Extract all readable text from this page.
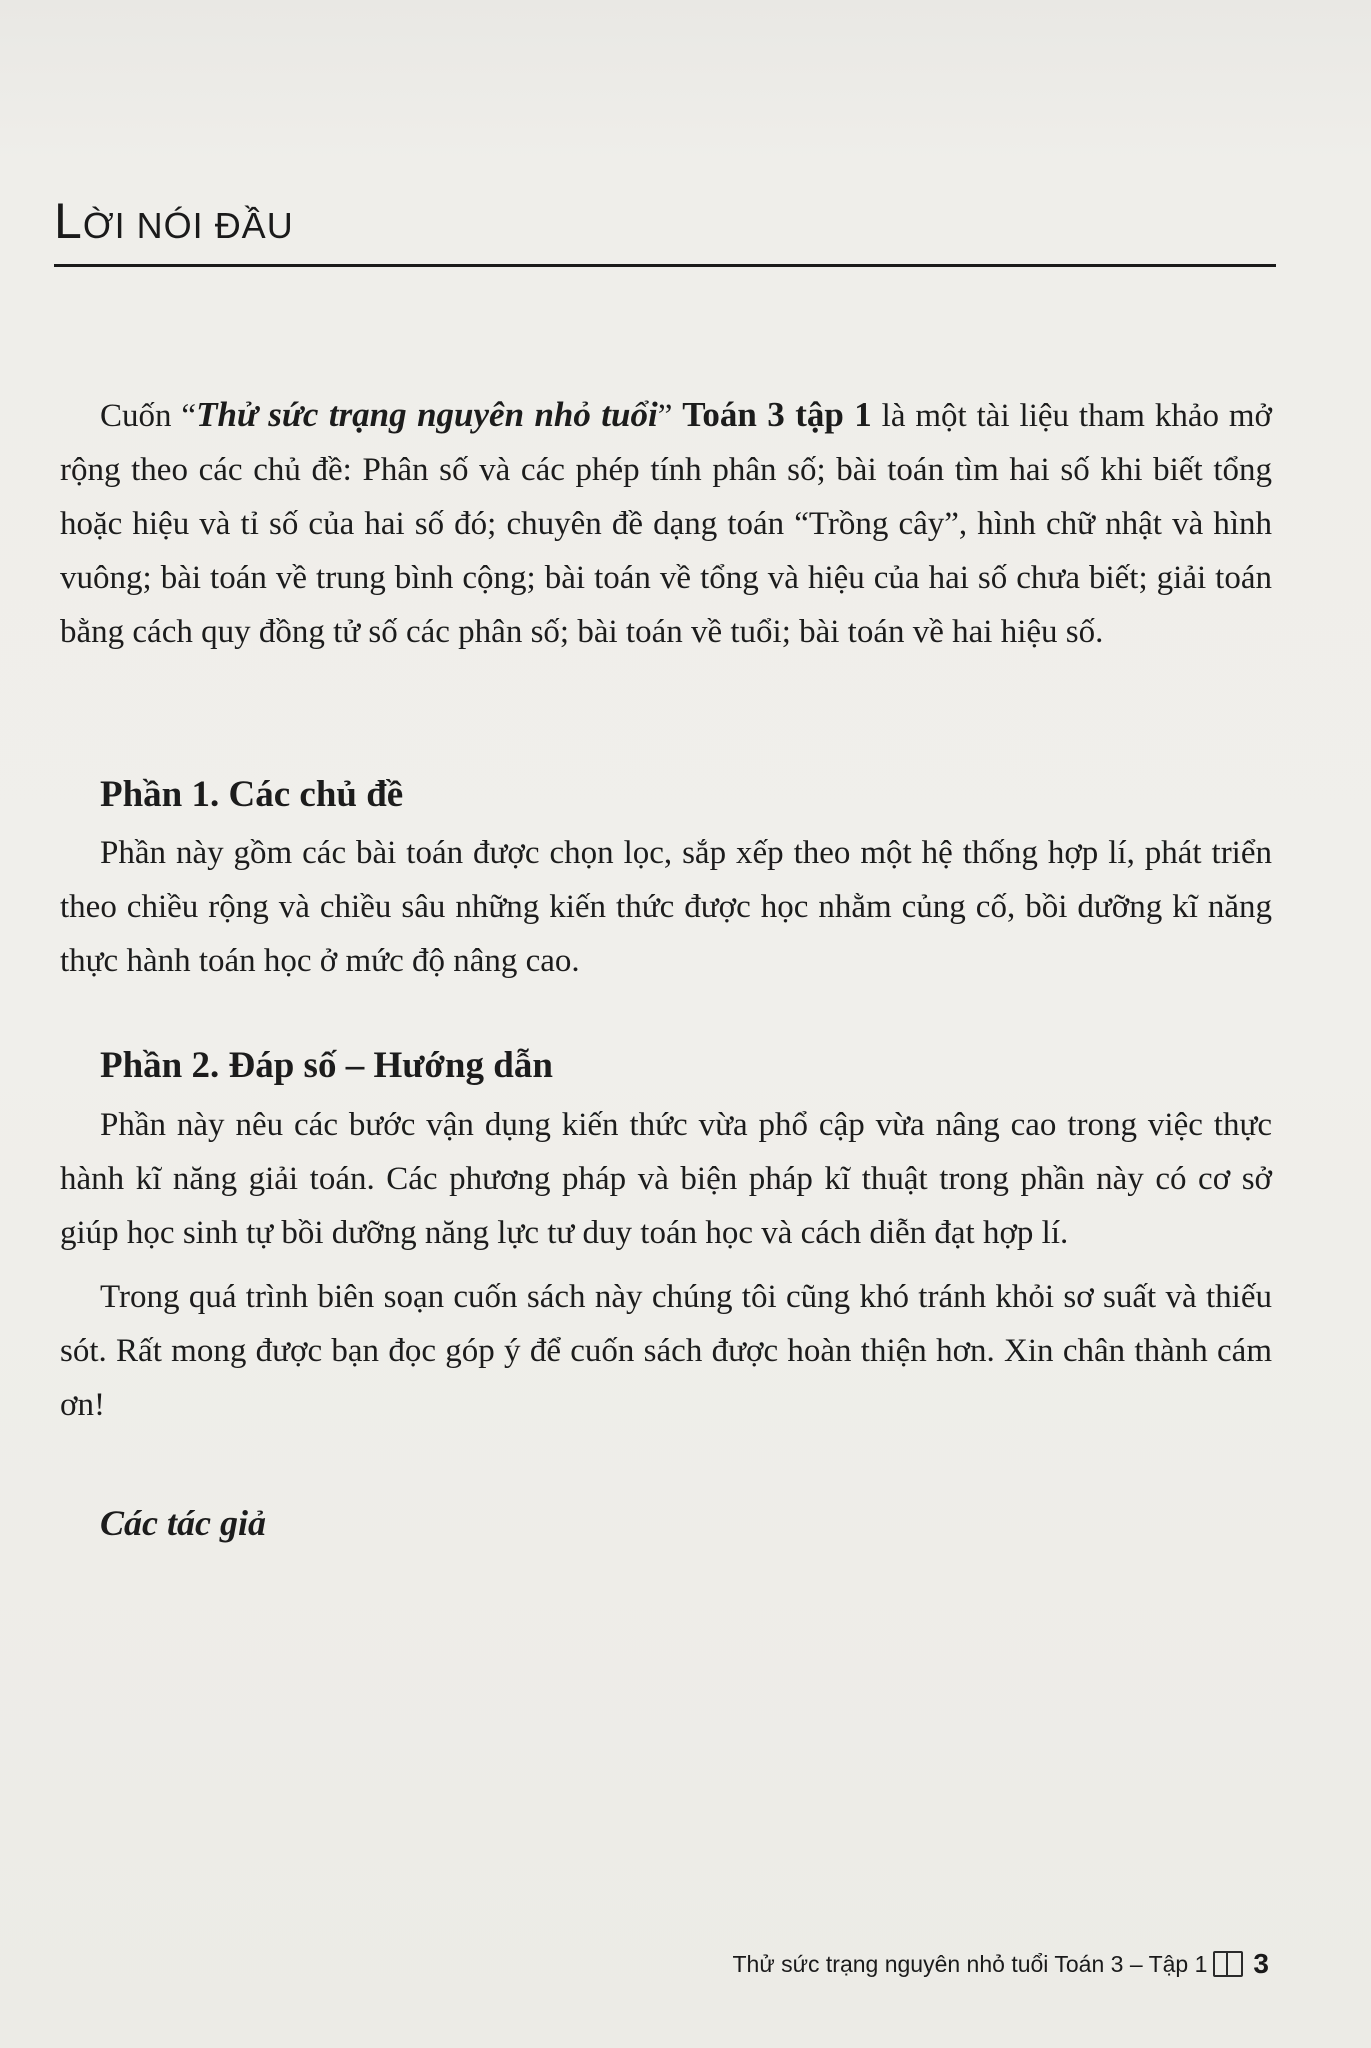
LỜI NÓI ĐẦU

Cuốn “Thử sức trạng nguyên nhỏ tuổi” Toán 3 tập 1 là một tài liệu tham khảo mở rộng theo các chủ đề: Phân số và các phép tính phân số; bài toán tìm hai số khi biết tổng hoặc hiệu và tỉ số của hai số đó; chuyên đề dạng toán “Trồng cây”, hình chữ nhật và hình vuông; bài toán về trung bình cộng; bài toán về tổng và hiệu của hai số chưa biết; giải toán bằng cách quy đồng tử số các phân số; bài toán về tuổi; bài toán về hai hiệu số.

Phần 1. Các chủ đề

Phần này gồm các bài toán được chọn lọc, sắp xếp theo một hệ thống hợp lí, phát triển theo chiều rộng và chiều sâu những kiến thức được học nhằm củng cố, bồi dưỡng kĩ năng thực hành toán học ở mức độ nâng cao.

Phần 2. Đáp số – Hướng dẫn

Phần này nêu các bước vận dụng kiến thức vừa phổ cập vừa nâng cao trong việc thực hành kĩ năng giải toán. Các phương pháp và biện pháp kĩ thuật trong phần này có cơ sở giúp học sinh tự bồi dưỡng năng lực tư duy toán học và cách diễn đạt hợp lí.

Trong quá trình biên soạn cuốn sách này chúng tôi cũng khó tránh khỏi sơ suất và thiếu sót. Rất mong được bạn đọc góp ý để cuốn sách được hoàn thiện hơn. Xin chân thành cám ơn!

Các tác giả
Thử sức trạng nguyên nhỏ tuổi Toán 3 – Tập 1 3
